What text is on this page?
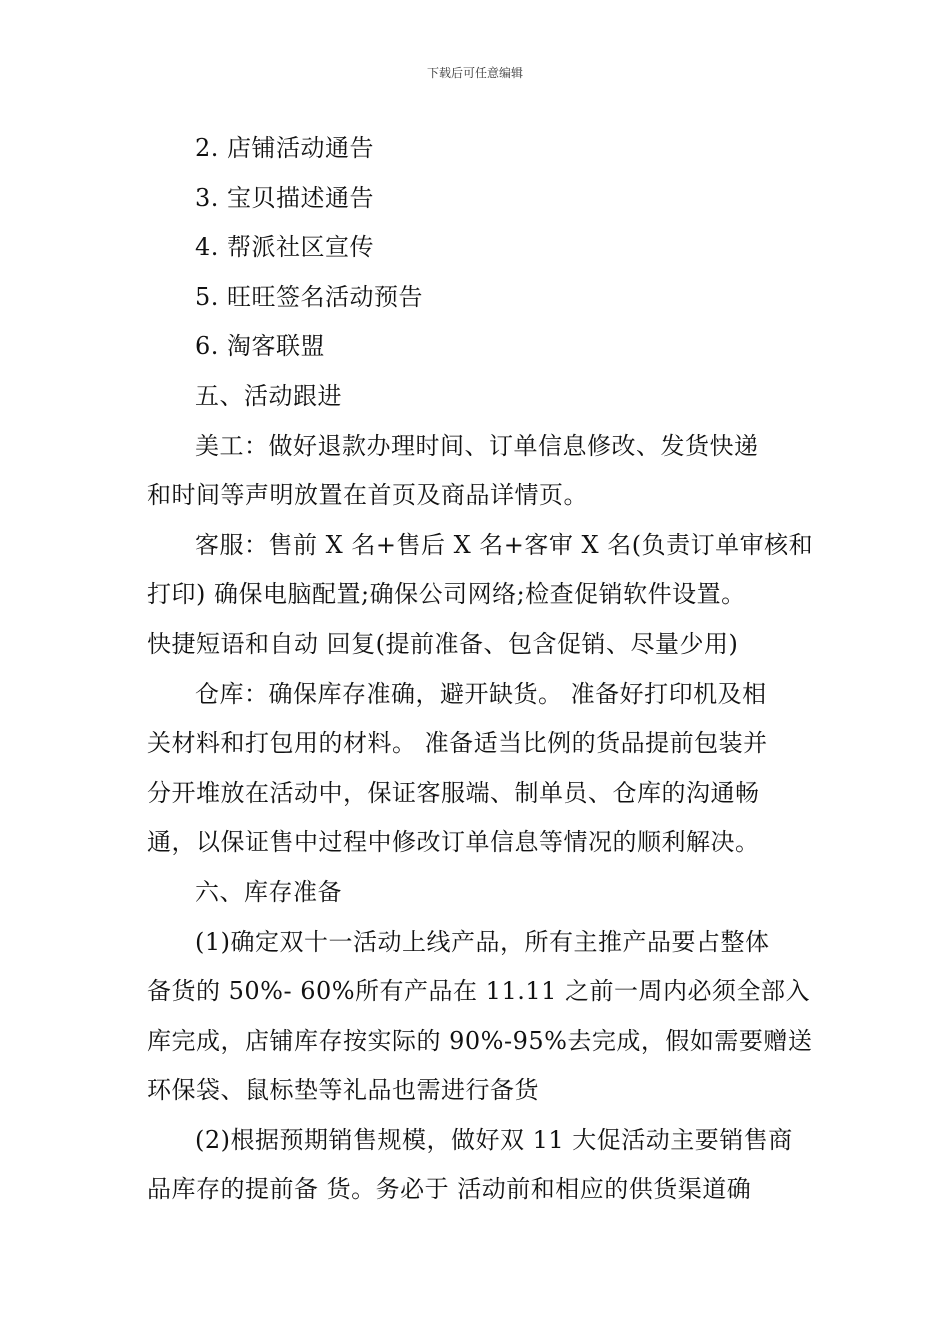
下载后可任意编辑
2. 店铺活动通告
3. 宝贝描述通告
4. 帮派社区宣传
5. 旺旺签名活动预告
6. 淘客联盟
五、活动跟进
美工：做好退款办理时间、订单信息修改、发货快递
和时间等声明放置在首页及商品详情页。
客服：售前 X 名+售后 X 名+客审 X 名(负责订单审核和
打印) 确保电脑配置;确保公司网络;检查促销软件设置。
快捷短语和自动 回复(提前准备、包含促销、尽量少用)
仓库：确保库存准确，避开缺货。 准备好打印机及相
关材料和打包用的材料。 准备适当比例的货品提前包装并
分开堆放在活动中，保证客服端、制单员、仓库的沟通畅
通，以保证售中过程中修改订单信息等情况的顺利解决。
六、库存准备
(1)确定双十一活动上线产品，所有主推产品要占整体
备货的 50%- 60%所有产品在 11.11 之前一周内必须全部入
库完成，店铺库存按实际的 90%-95%去完成，假如需要赠送
环保袋、鼠标垫等礼品也需进行备货
(2)根据预期销售规模，做好双 11 大促活动主要销售商
品库存的提前备 货。务必于 活动前和相应的供货渠道确
